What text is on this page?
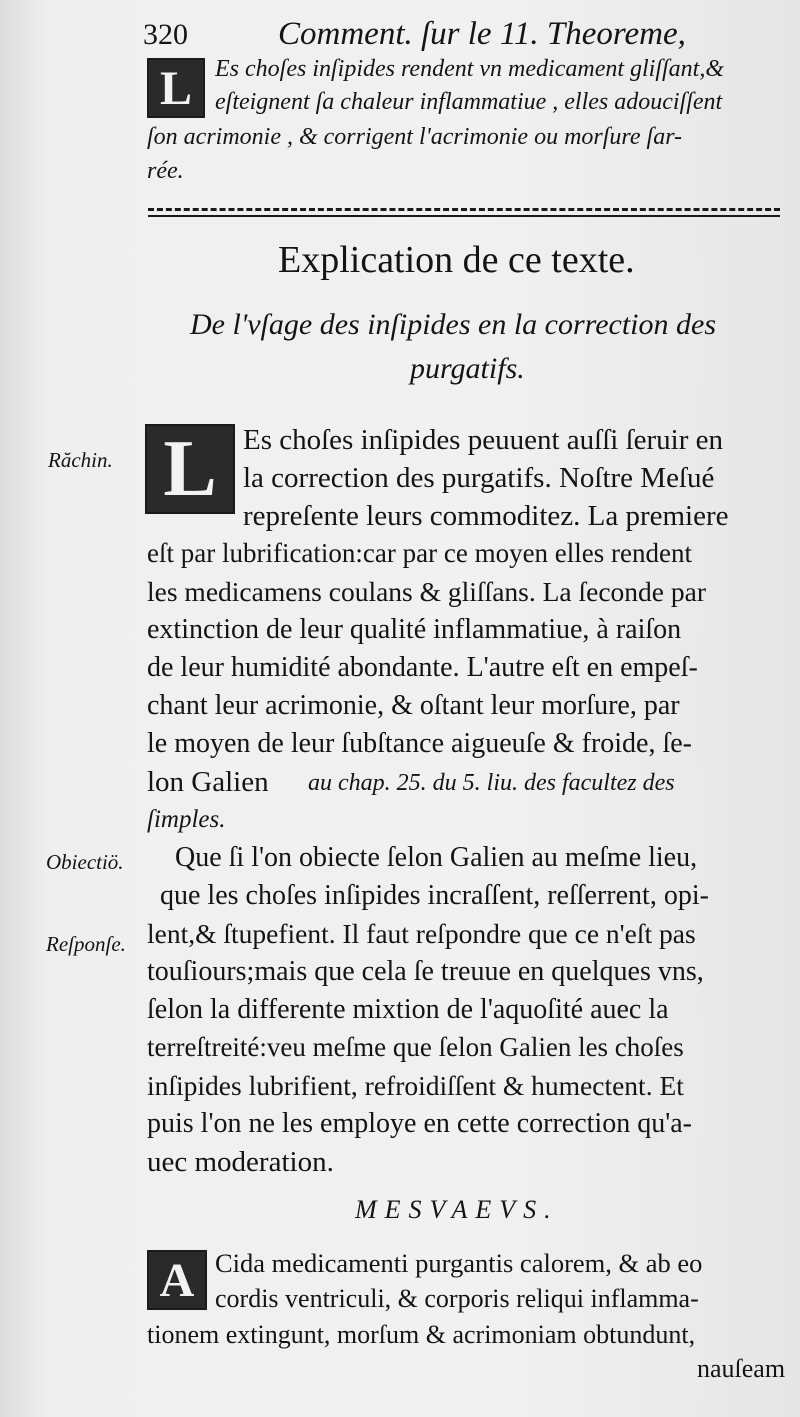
320	Comment. ſur le 11. Theoreme,
L Es choſes inſipides rendent vn medicament gliſſant,&
eſteignent ſa chaleur inflammatiue , elles adouciſſent
ſon acrimonie , & corrigent l'acrimonie ou morſure ſar-
rée.
Explication de ce texte.
De l'vſage des inſipides en la correction des
purgatifs.
Răchin.
Obiectiö.
Reſponſe.
L Es choſes inſipides peuuent auſſi ſeruir en
la correction des purgatifs. Noſtre Meſué
repreſente leurs commoditez. La premiere
eſt par lubrification:car par ce moyen elles rendent
les medicamens coulans & gliſſans. La ſeconde par
extinction de leur qualité inflammatiue, à raiſon
de leur humidité abondante. L'autre eſt en empeſ-
chant leur acrimonie, & oſtant leur morſure, par
le moyen de leur ſubſtance aigueuſe & froide, ſe-
lon Galien au chap. 25. du 5. liu. des facultez des
ſimples.
Que ſi l'on obiecte ſelon Galien au meſme lieu,
que les choſes inſipides incraſſent, reſſerrent, opi-
lent,& ſtupefient. Il faut reſpondre que ce n'eſt pas
touſiours;mais que cela ſe treuue en quelques vns,
ſelon la differente mixtion de l'aquoſité auec la
terreſtreité:veu meſme que ſelon Galien les choſes
inſipides lubrifient, refroidiſſent & humectent. Et
puis l'on ne les employe en cette correction qu'a-
uec moderation.
MESVAEVS.
A Cida medicamenti purgantis calorem, & ab eo
cordis ventriculi, & corporis reliqui inflamma-
tionem extingunt, morſum & acrimoniam obtundunt,
nauſeam
